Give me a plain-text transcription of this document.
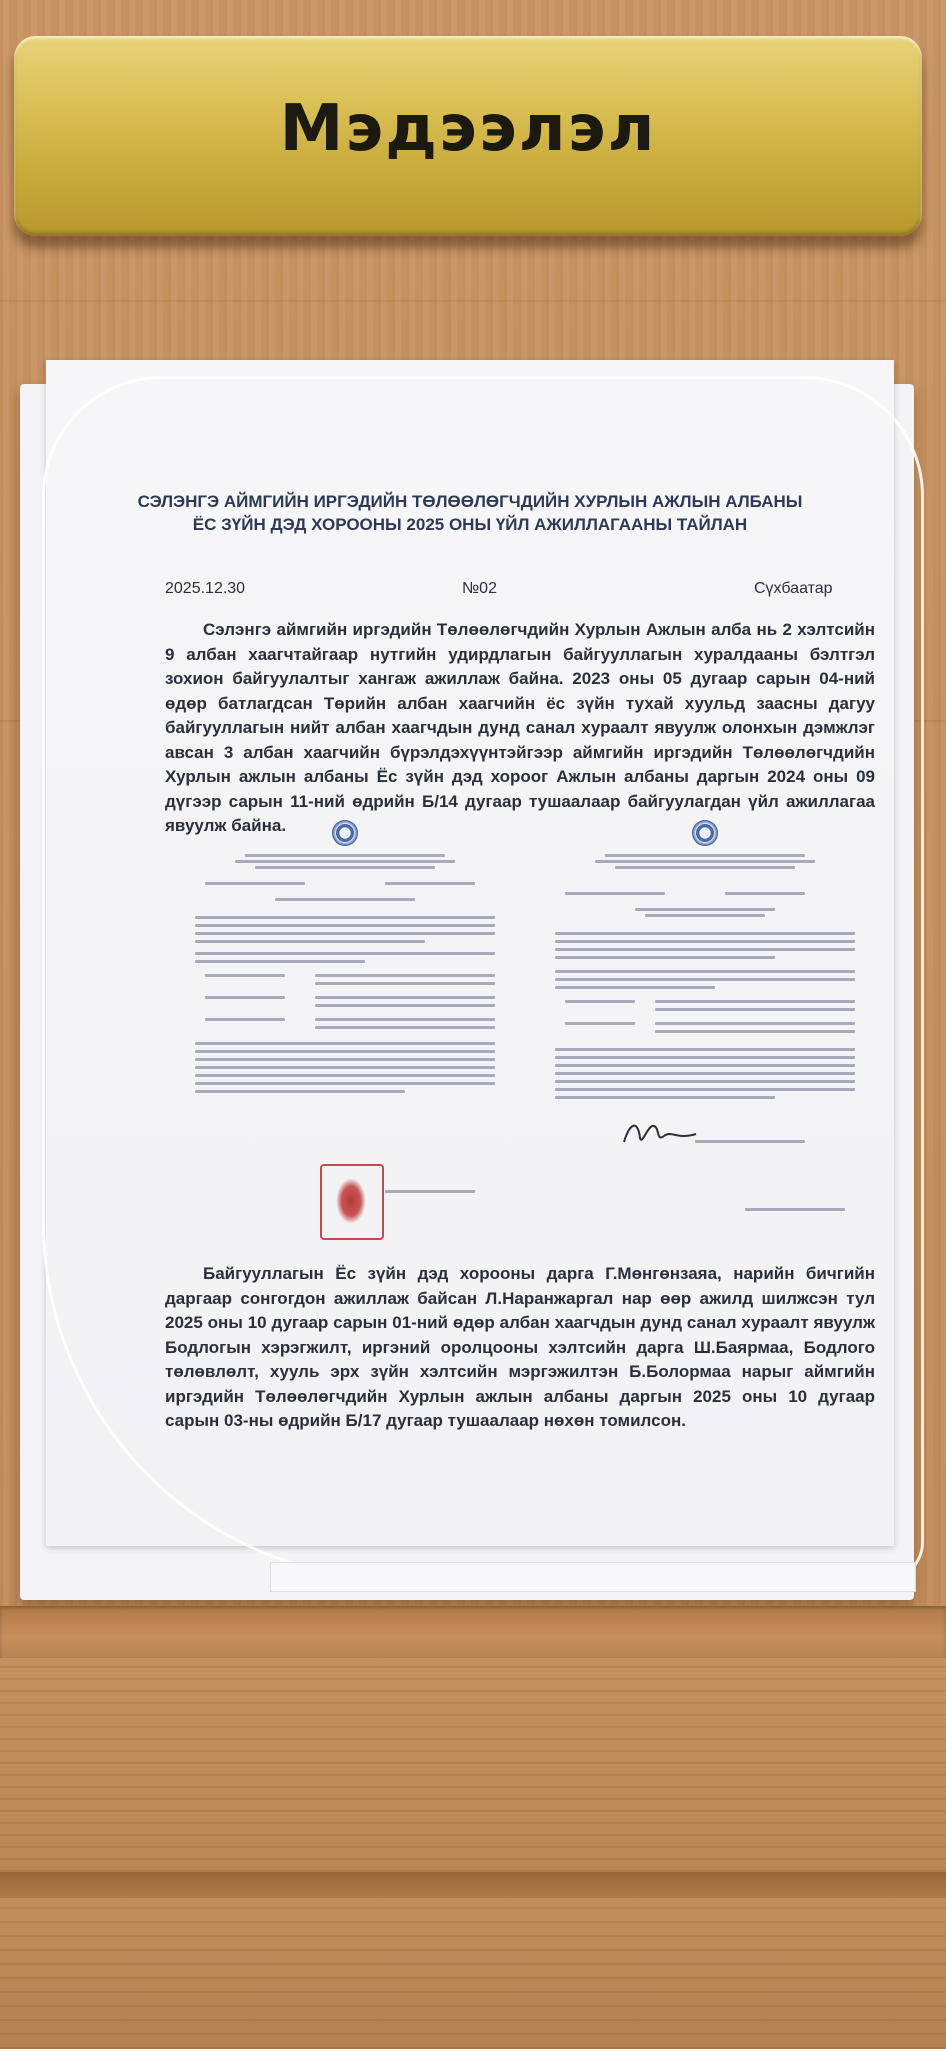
Мэдээлэл
СЭЛЭНГЭ АЙМГИЙН ИРГЭДИЙН ТӨЛӨӨЛӨГЧДИЙН ХУРЛЫН АЖЛЫН АЛБАНЫ
ЁС ЗҮЙН ДЭД ХОРООНЫ 2025 ОНЫ ҮЙЛ АЖИЛЛАГААНЫ ТАЙЛАН
2025.12.30	№02	Сүхбаатар
Сэлэнгэ аймгийн иргэдийн Төлөөлөгчдийн Хурлын Ажлын алба нь 2 хэлтсийн 9 албан хаагчтайгаар нутгийн удирдлагын байгууллагын хуралдааны бэлтгэл зохион байгуулалтыг хангаж ажиллаж байна. 2023 оны 05 дугаар сарын 04-ний өдөр батлагдсан Төрийн албан хаагчийн ёс зүйн тухай хуульд заасны дагуу байгууллагын нийт албан хаагчдын дунд санал хураалт явуулж олонхын дэмжлэг авсан 3 албан хаагчийн бүрэлдэхүүнтэйгээр аймгийн иргэдийн Төлөөлөгчдийн Хурлын ажлын албаны Ёс зүйн дэд хороог Ажлын албаны даргын 2024 оны 09 дүгээр сарын 11-ний өдрийн Б/14 дугаар тушаалаар байгуулагдан үйл ажиллагаа явуулж байна.
Байгууллагын Ёс зүйн дэд хорооны дарга Г.Мөнгөнзаяа, нарийн бичгийн даргаар сонгогдон ажиллаж байсан Л.Наранжаргал нар өөр ажилд шилжсэн тул 2025 оны 10 дугаар сарын 01-ний өдөр албан хаагчдын дунд санал хураалт явуулж Бодлогын хэрэгжилт, иргэний оролцооны хэлтсийн дарга Ш.Баярмаа, Бодлого төлөвлөлт, хууль эрх зүйн хэлтсийн мэргэжилтэн Б.Болормаа нарыг аймгийн иргэдийн Төлөөлөгчдийн Хурлын ажлын албаны даргын 2025 оны 10 дугаар сарын 03-ны өдрийн Б/17 дугаар тушаалаар нөхөн томилсон.
